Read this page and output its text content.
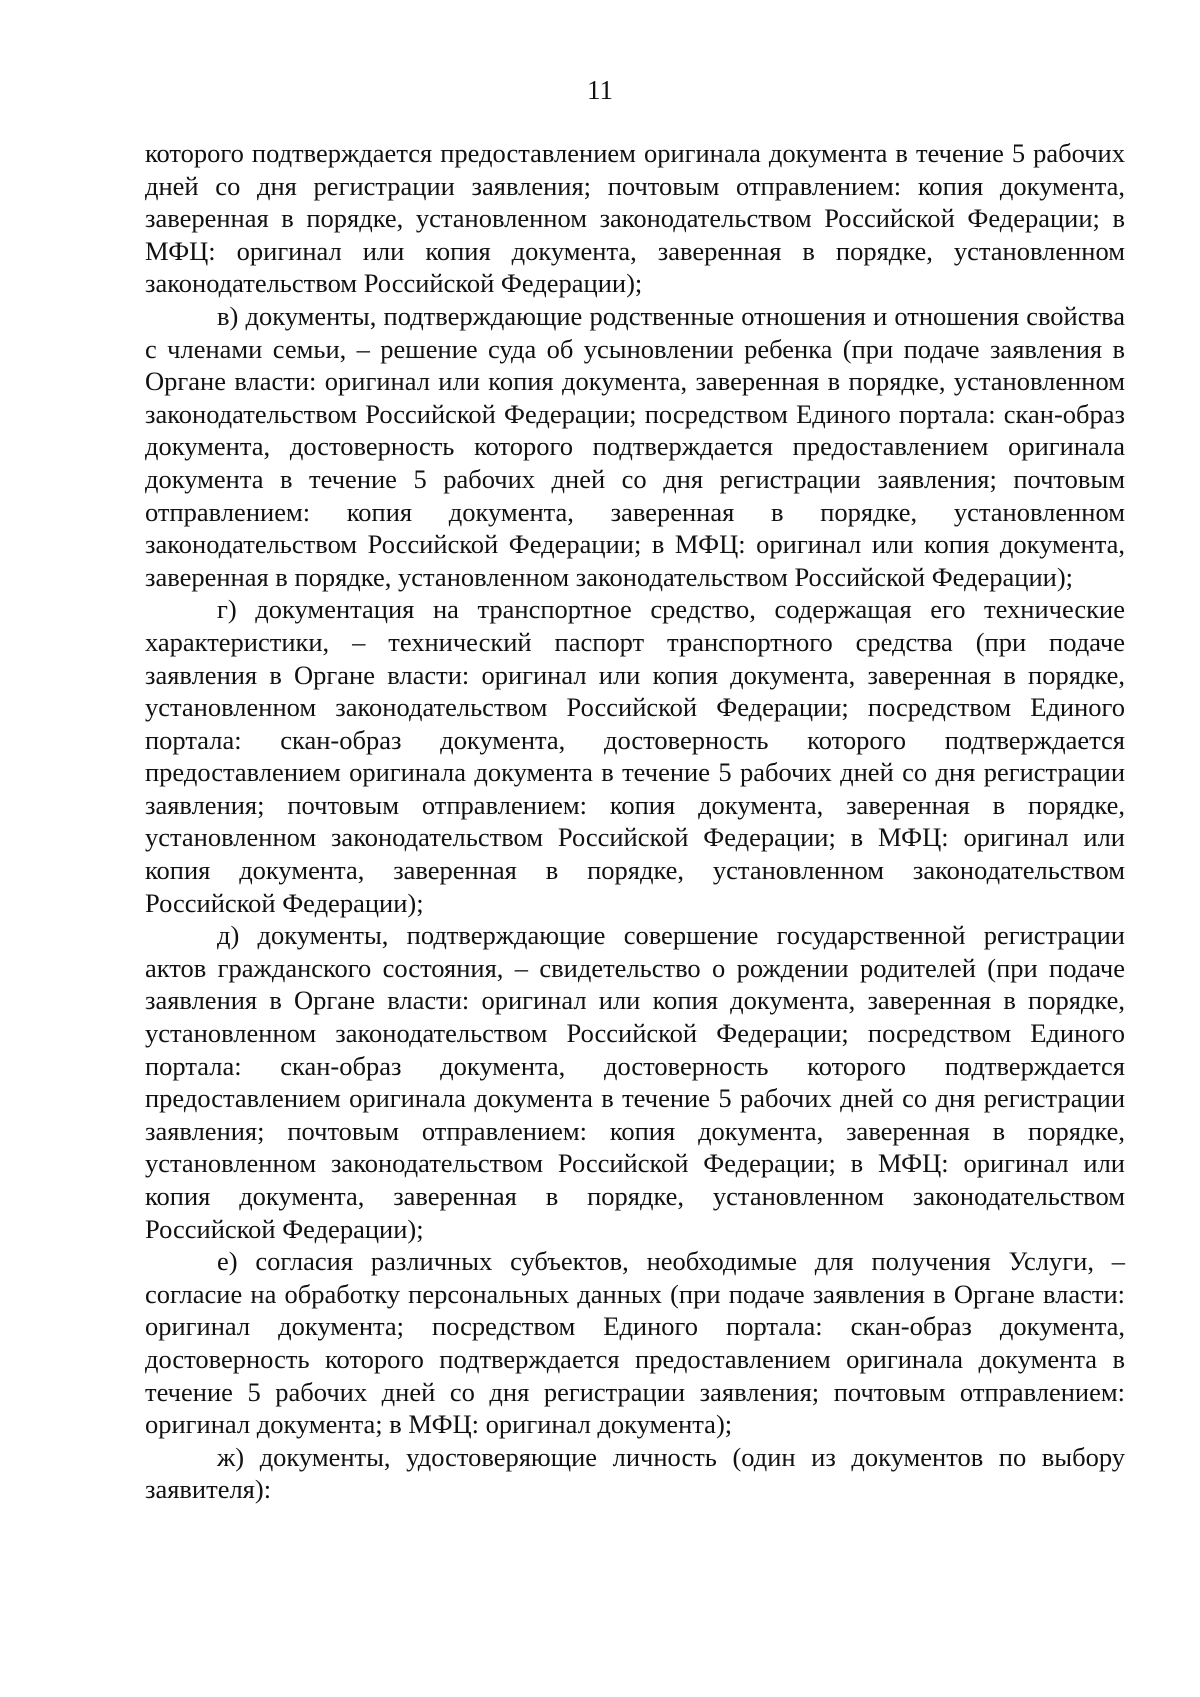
11

которого подтверждается предоставлением оригинала документа в течение 5 рабочих дней со дня регистрации заявления; почтовым отправлением: копия документа, заверенная в порядке, установленном законодательством Российской Федерации; в МФЦ: оригинал или копия документа, заверенная в порядке, установленном законодательством Российской Федерации);

в) документы, подтверждающие родственные отношения и отношения свойства с членами семьи, – решение суда об усыновлении ребенка (при подаче заявления в Органе власти: оригинал или копия документа, заверенная в порядке, установленном законодательством Российской Федерации; посредством Единого портала: скан-образ документа, достоверность которого подтверждается предоставлением оригинала документа в течение 5 рабочих дней со дня регистрации заявления; почтовым отправлением: копия документа, заверенная в порядке, установленном законодательством Российской Федерации; в МФЦ: оригинал или копия документа, заверенная в порядке, установленном законодательством Российской Федерации);

г) документация на транспортное средство, содержащая его технические характеристики, – технический паспорт транспортного средства (при подаче заявления в Органе власти: оригинал или копия документа, заверенная в порядке, установленном законодательством Российской Федерации; посредством Единого портала: скан-образ документа, достоверность которого подтверждается предоставлением оригинала документа в течение 5 рабочих дней со дня регистрации заявления; почтовым отправлением: копия документа, заверенная в порядке, установленном законодательством Российской Федерации; в МФЦ: оригинал или копия документа, заверенная в порядке, установленном законодательством Российской Федерации);

д) документы, подтверждающие совершение государственной регистрации актов гражданского состояния, – свидетельство о рождении родителей (при подаче заявления в Органе власти: оригинал или копия документа, заверенная в порядке, установленном законодательством Российской Федерации; посредством Единого портала: скан-образ документа, достоверность которого подтверждается предоставлением оригинала документа в течение 5 рабочих дней со дня регистрации заявления; почтовым отправлением: копия документа, заверенная в порядке, установленном законодательством Российской Федерации; в МФЦ: оригинал или копия документа, заверенная в порядке, установленном законодательством Российской Федерации);

е) согласия различных субъектов, необходимые для получения Услуги, – согласие на обработку персональных данных (при подаче заявления в Органе власти: оригинал документа; посредством Единого портала: скан-образ документа, достоверность которого подтверждается предоставлением оригинала документа в течение 5 рабочих дней со дня регистрации заявления; почтовым отправлением: оригинал документа; в МФЦ: оригинал документа);

ж) документы, удостоверяющие личность (один из документов по выбору заявителя):
